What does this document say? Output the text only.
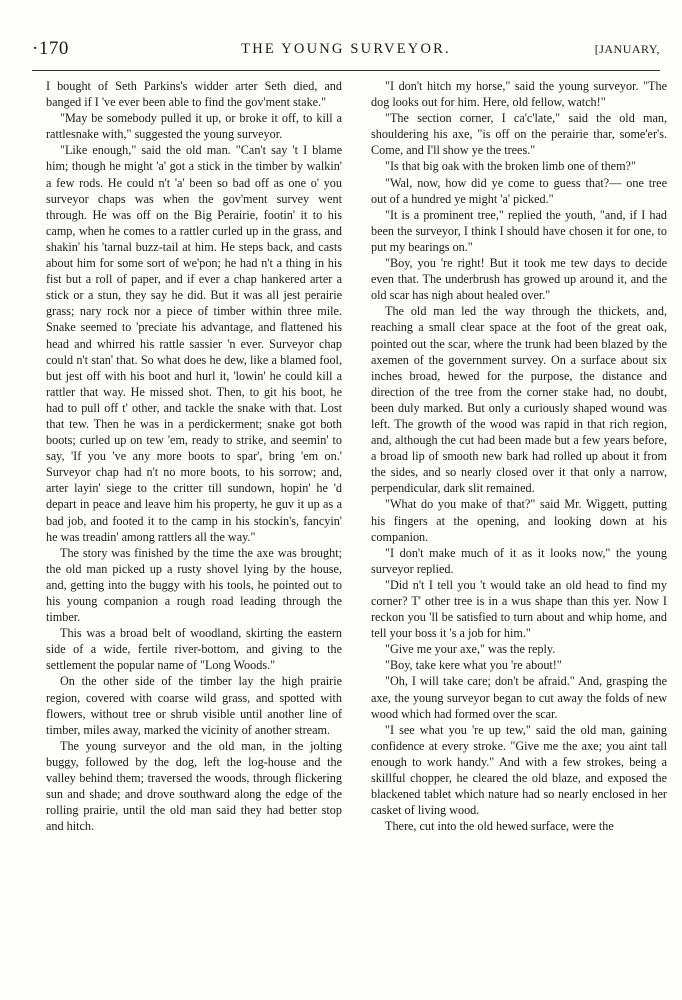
·170	THE YOUNG SURVEYOR.	[JANUARY,

I bought of Seth Parkins's widder arter Seth died, and banged if I 've ever been able to find the gov'ment stake."

"May be somebody pulled it up, or broke it off, to kill a rattlesnake with," suggested the young surveyor.

"Like enough," said the old man. "Can't say 't I blame him; though he might 'a' got a stick in the timber by walkin' a few rods. He could n't 'a' been so bad off as one o' you surveyor chaps was when the gov'ment survey went through. He was off on the Big Perairie, footin' it to his camp, when he comes to a rattler curled up in the grass, and shakin' his 'tarnal buzz-tail at him. He steps back, and casts about him for some sort of we'pon; he had n't a thing in his fist but a roll of paper, and if ever a chap hankered arter a stick or a stun, they say he did. But it was all jest perairie grass; nary rock nor a piece of timber within three mile. Snake seemed to 'preciate his advantage, and flattened his head and whirred his rattle sassier 'n ever. Surveyor chap could n't stan' that. So what does he dew, like a blamed fool, but jest off with his boot and hurl it, 'lowin' he could kill a rattler that way. He missed shot. Then, to git his boot, he had to pull off t' other, and tackle the snake with that. Lost that tew. Then he was in a perdickerment; snake got both boots; curled up on tew 'em, ready to strike, and seemin' to say, 'If you 've any more boots to spar', bring 'em on.' Surveyor chap had n't no more boots, to his sorrow; and, arter layin' siege to the critter till sundown, hopin' he 'd depart in peace and leave him his property, he guv it up as a bad job, and footed it to the camp in his stockin's, fancyin' he was treadin' among rattlers all the way."

The story was finished by the time the axe was brought; the old man picked up a rusty shovel lying by the house, and, getting into the buggy with his tools, he pointed out to his young companion a rough road leading through the timber.

This was a broad belt of woodland, skirting the eastern side of a wide, fertile river-bottom, and giving to the settlement the popular name of "Long Woods."

On the other side of the timber lay the high prairie region, covered with coarse wild grass, and spotted with flowers, without tree or shrub visible until another line of timber, miles away, marked the vicinity of another stream.

The young surveyor and the old man, in the jolting buggy, followed by the dog, left the log-house and the valley behind them; traversed the woods, through flickering sun and shade; and drove southward along the edge of the rolling prairie, until the old man said they had better stop and hitch.

"I don't hitch my horse," said the young surveyor. "The dog looks out for him. Here, old fellow, watch!"

"The section corner, I ca'c'late," said the old man, shouldering his axe, "is off on the perairie thar, some'er's. Come, and I'll show ye the trees."

"Is that big oak with the broken limb one of them?"

"Wal, now, how did ye come to guess that?— one tree out of a hundred ye might 'a' picked."

"It is a prominent tree," replied the youth, "and, if I had been the surveyor, I think I should have chosen it for one, to put my bearings on."

"Boy, you 're right! But it took me tew days to decide even that. The underbrush has growed up around it, and the old scar has nigh about healed over."

The old man led the way through the thickets, and, reaching a small clear space at the foot of the great oak, pointed out the scar, where the trunk had been blazed by the axemen of the government survey. On a surface about six inches broad, hewed for the purpose, the distance and direction of the tree from the corner stake had, no doubt, been duly marked. But only a curiously shaped wound was left. The growth of the wood was rapid in that rich region, and, although the cut had been made but a few years before, a broad lip of smooth new bark had rolled up about it from the sides, and so nearly closed over it that only a narrow, perpendicular, dark slit remained.

"What do you make of that?" said Mr. Wiggett, putting his fingers at the opening, and looking down at his companion.

"I don't make much of it as it looks now," the young surveyor replied.

"Did n't I tell you 't would take an old head to find my corner? T' other tree is in a wus shape than this yer. Now I reckon you 'll be satisfied to turn about and whip home, and tell your boss it 's a job for him."

"Give me your axe," was the reply.

"Boy, take kere what you 're about!"

"Oh, I will take care; don't be afraid." And, grasping the axe, the young surveyor began to cut away the folds of new wood which had formed over the scar.

"I see what you 're up tew," said the old man, gaining confidence at every stroke. "Give me the axe; you aint tall enough to work handy." And with a few strokes, being a skillful chopper, he cleared the old blaze, and exposed the blackened tablet which nature had so nearly enclosed in her casket of living wood.

There, cut into the old hewed surface, were the
